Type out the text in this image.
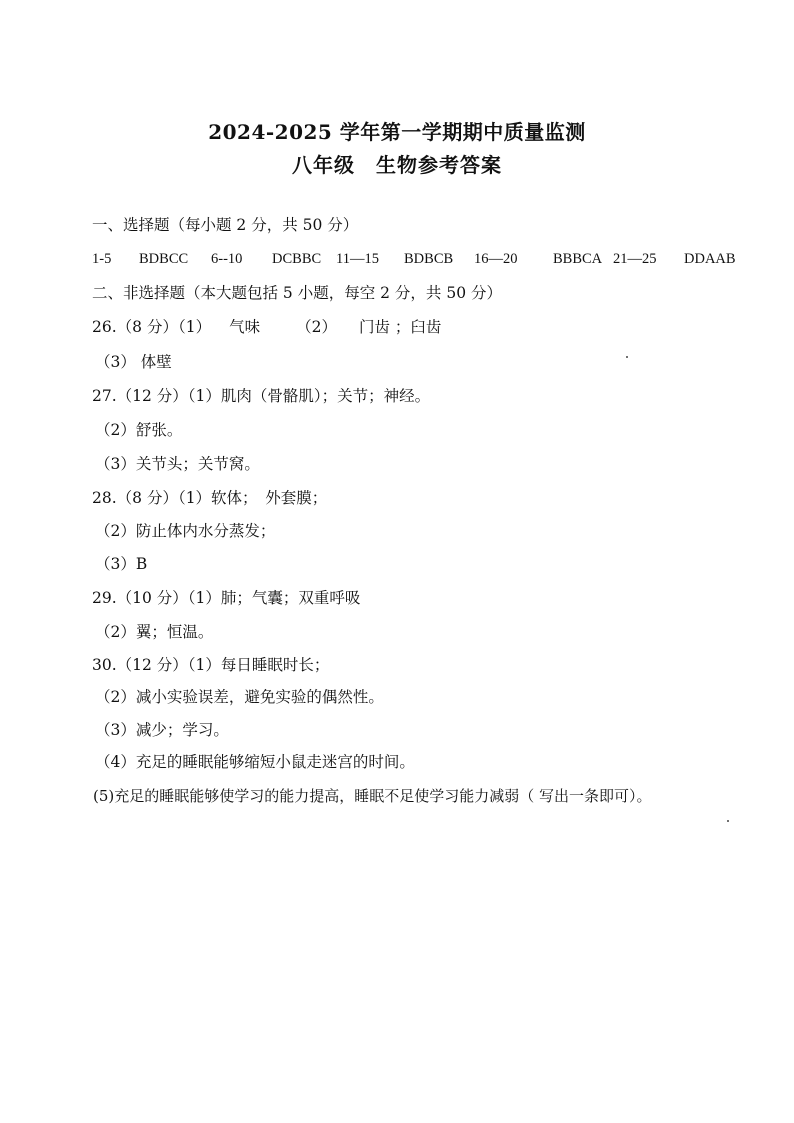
2024-2025 学年第一学期期中质量监测
八年级　生物参考答案
一、选择题（每小题 2 分，共 50 分）
1-5 BDBCC 6--10 DCBBC 11—15 BDBCB 16—20 BBBCA 21—25 DDAAB
二、非选择题（本大题包括 5 小题，每空 2 分，共 50 分）
26.（8 分）（1） 气味 （2） 门齿 ；臼齿
（3） 体壁
27.（12 分）（1）肌肉（骨骼肌）；关节；神经。
（2）舒张。
（3）关节头；关节窝。
28.（8 分）（1）软体；　外套膜；
（2）防止体内水分蒸发；
（3）B
29.（10 分）（1）肺；气囊；双重呼吸
（2）翼；恒温。
30.（12 分）（1）每日睡眠时长；
（2）减小实验误差，避免实验的偶然性。
（3）减少；学习。
（4）充足的睡眠能够缩短小鼠走迷宫的时间。
(5)充足的睡眠能够使学习的能力提高，睡眠不足使学习能力减弱（ 写出一条即可）。
